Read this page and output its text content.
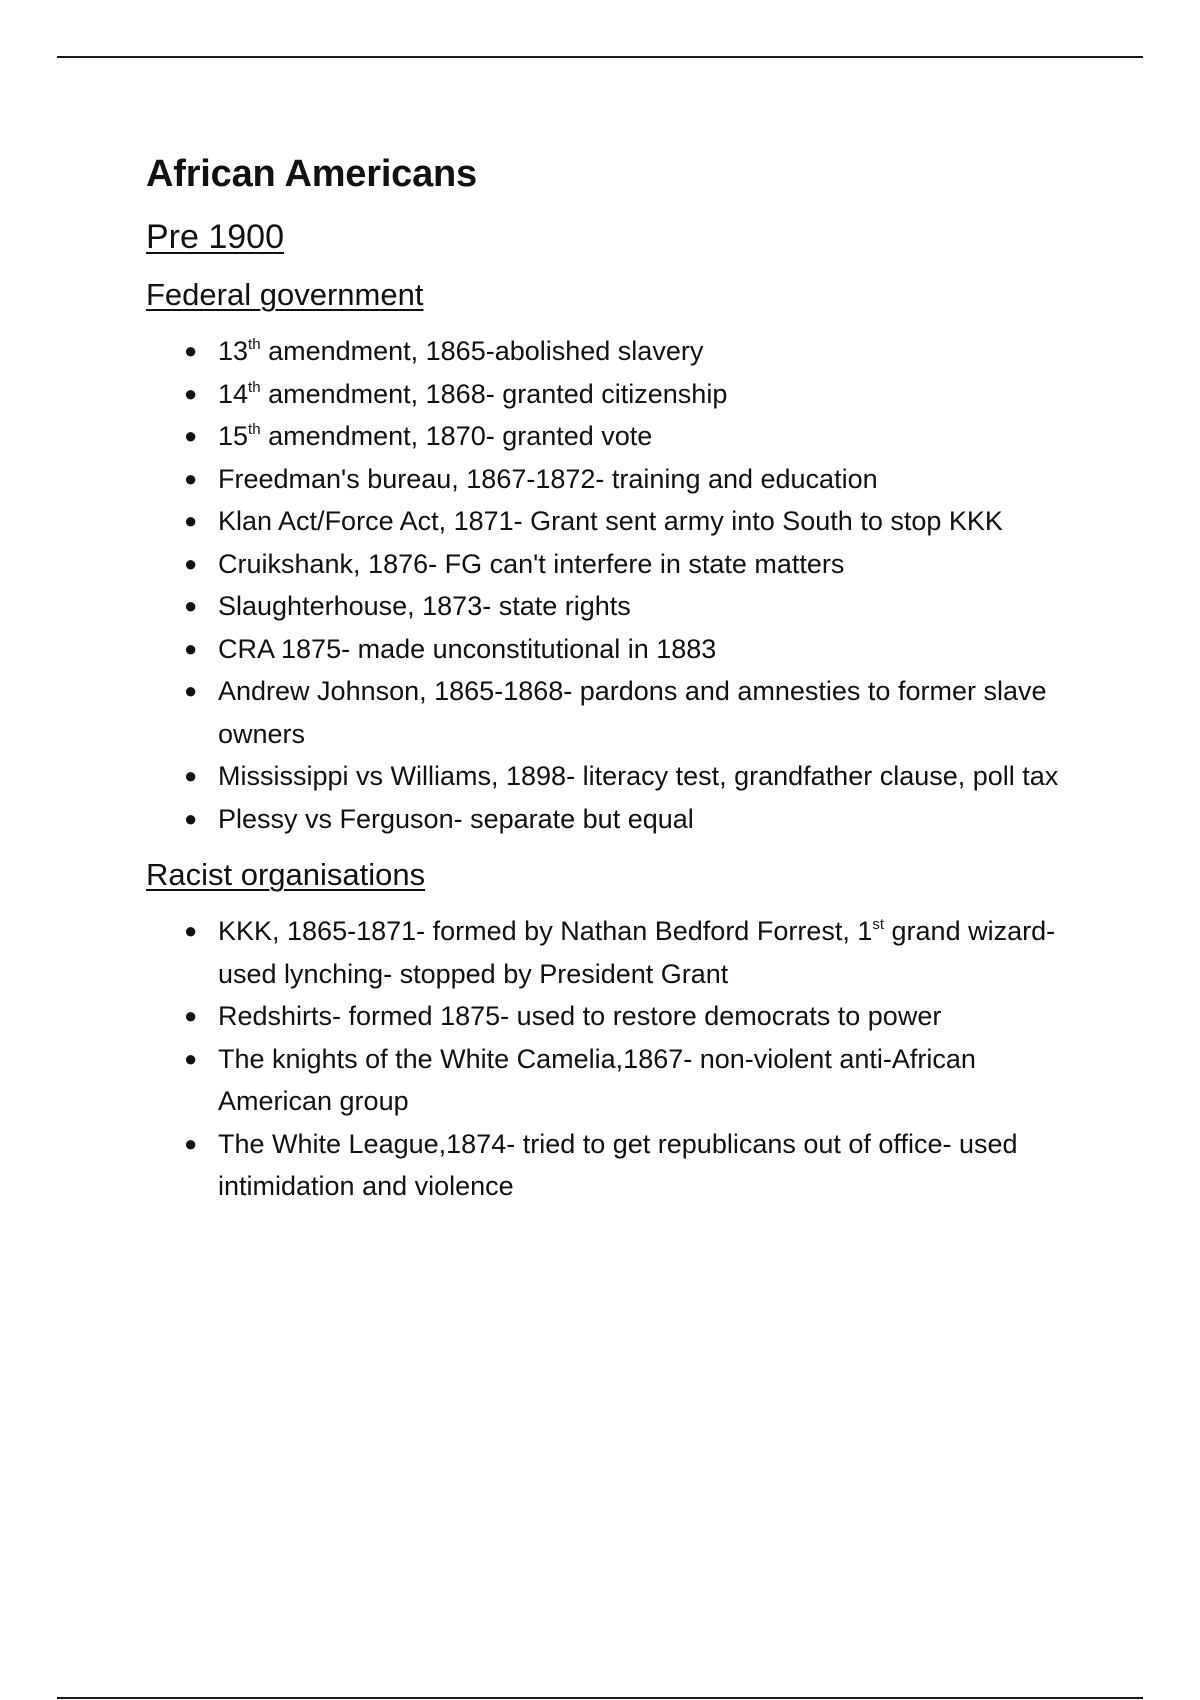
African Americans
Pre 1900
Federal government
● 13th amendment, 1865-abolished slavery
● 14th amendment, 1868- granted citizenship
● 15th amendment, 1870- granted vote
● Freedman's bureau, 1867-1872- training and education
● Klan Act/Force Act, 1871- Grant sent army into South to stop KKK
● Cruikshank, 1876- FG can't interfere in state matters
● Slaughterhouse, 1873- state rights
● CRA 1875- made unconstitutional in 1883
● Andrew Johnson, 1865-1868- pardons and amnesties to former slave owners
● Mississippi vs Williams, 1898- literacy test, grandfather clause, poll tax
● Plessy vs Ferguson- separate but equal
Racist organisations
● KKK, 1865-1871- formed by Nathan Bedford Forrest, 1st grand wizard- used lynching- stopped by President Grant
● Redshirts- formed 1875- used to restore democrats to power
● The knights of the White Camelia,1867- non-violent anti-African American group
● The White League,1874- tried to get republicans out of office- used intimidation and violence
